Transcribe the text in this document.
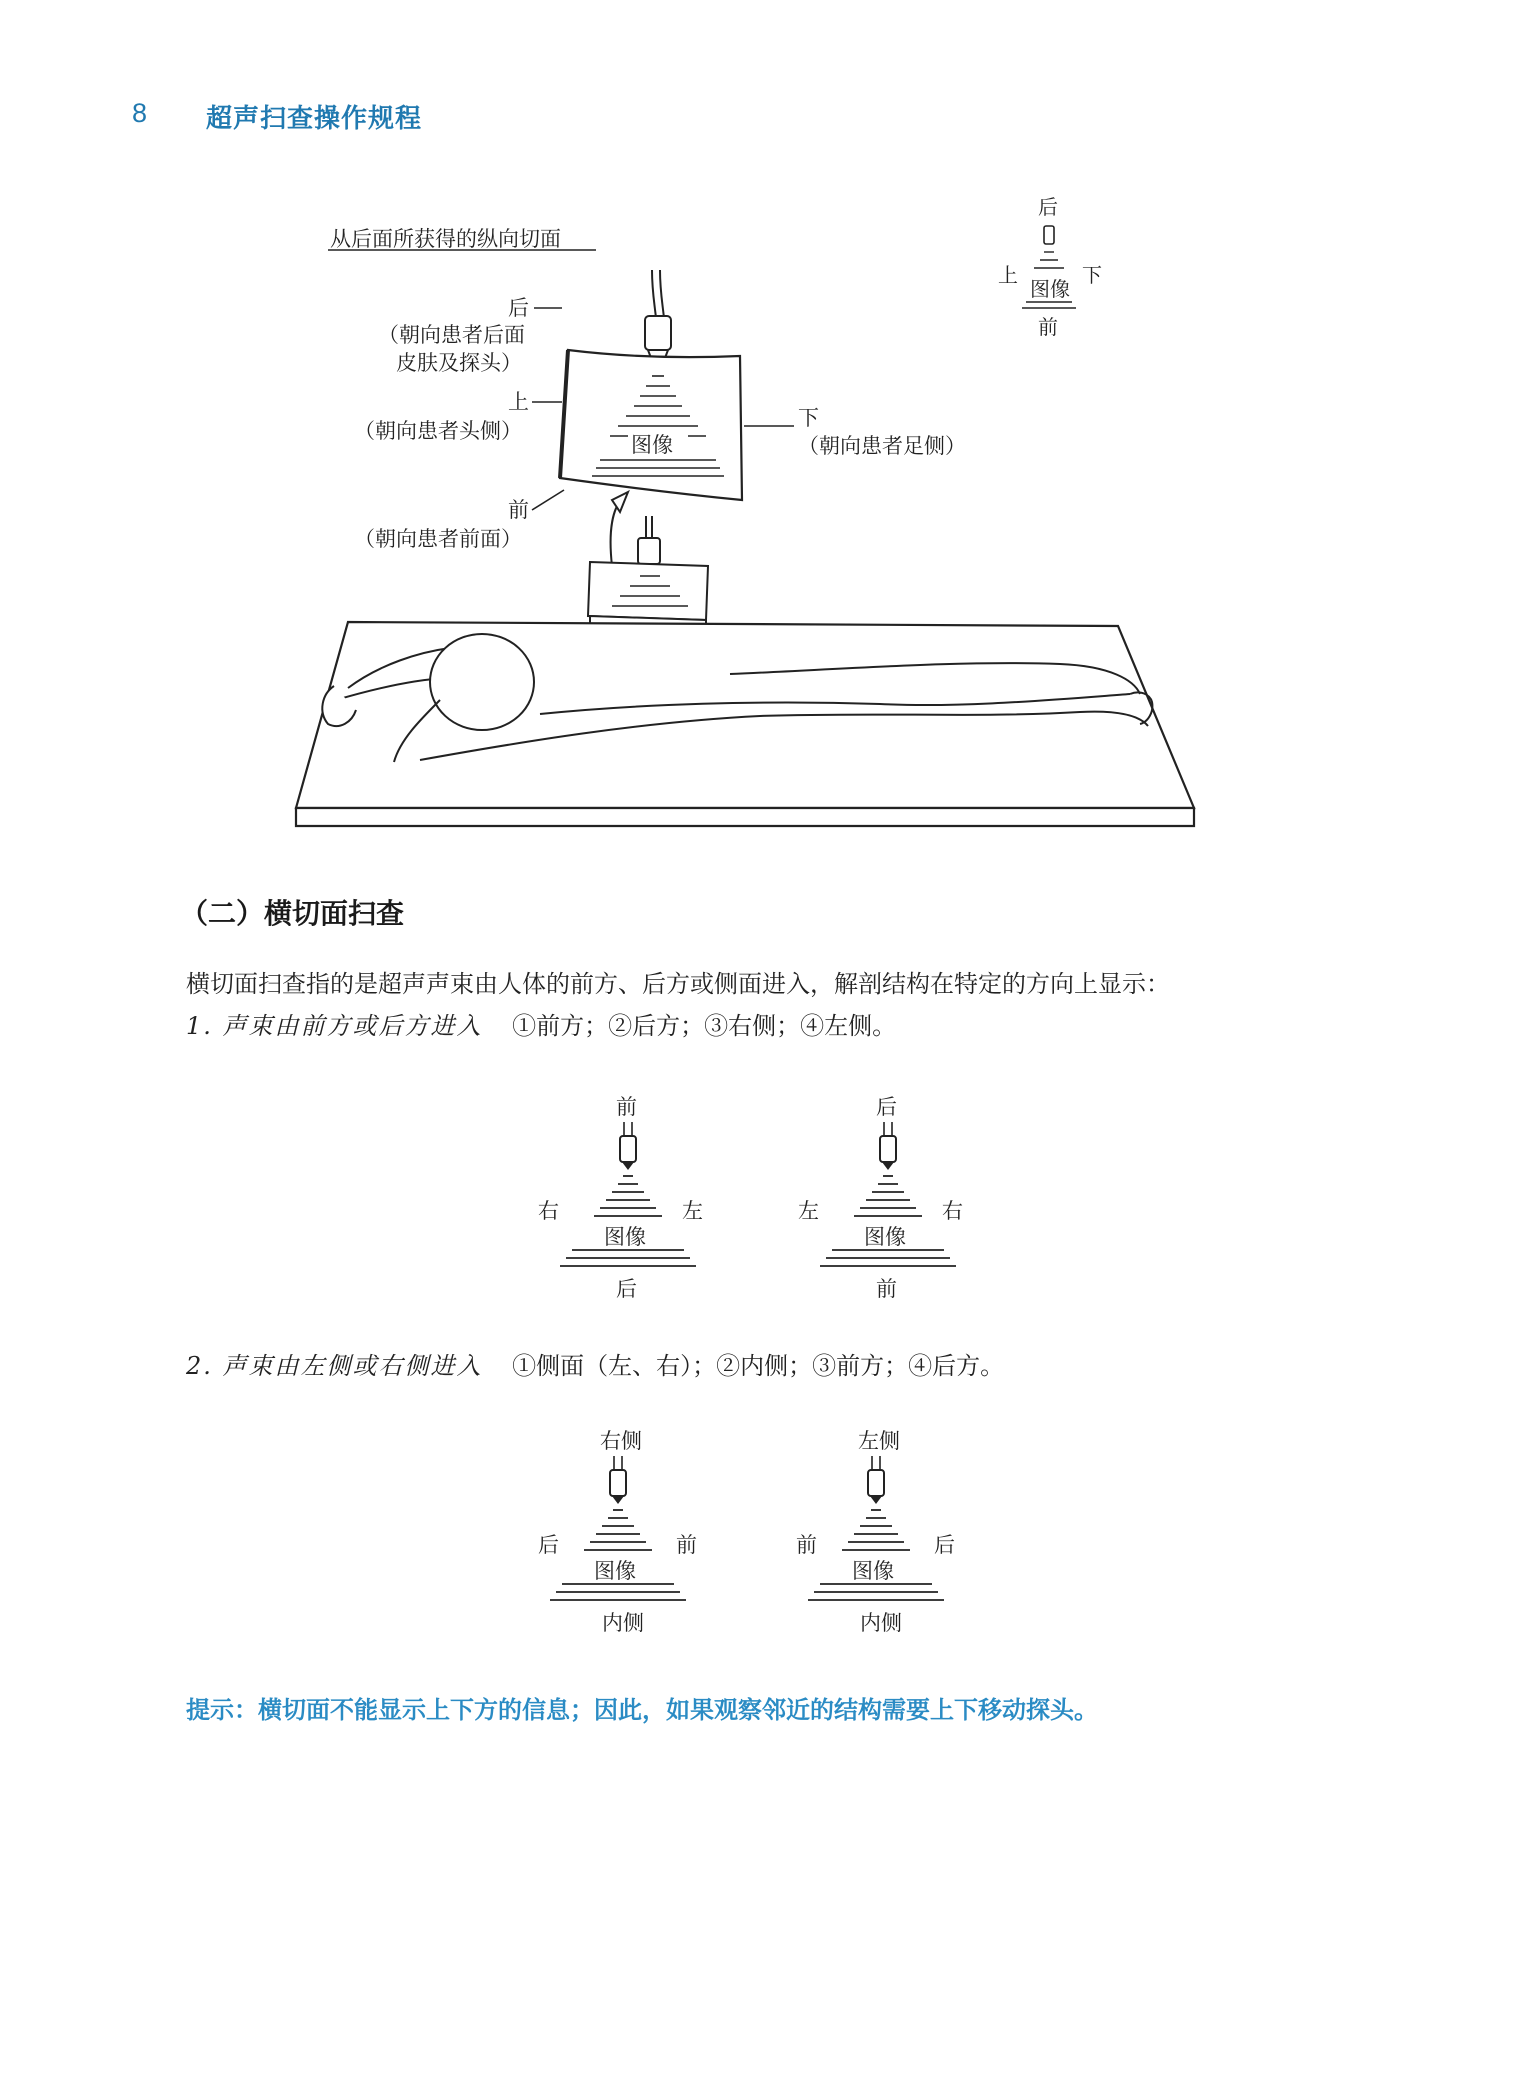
8 超声扫查操作规程
从后面所获得的纵向切面
图像
后
（朝向患者后面
皮肤及探头）
上
（朝向患者头侧）
前
（朝向患者前面）
下
（朝向患者足侧）
后
上	下
前
图像
（二）横切面扫查
横切面扫查指的是超声声束由人体的前方、后方或侧面进入，解剖结构在特定的方向上显示：
1. 声束由前方或后方进入 ①前方；②后方；③右侧；④左侧。
前
右	左
后
图像
后
左	右
前
图像
2. 声束由左侧或右侧进入 ①侧面（左、右）；②内侧；③前方；④后方。
右侧
后	前
内侧
图像
左侧
前	后
内侧
图像
提示：横切面不能显示上下方的信息；因此，如果观察邻近的结构需要上下移动探头。
